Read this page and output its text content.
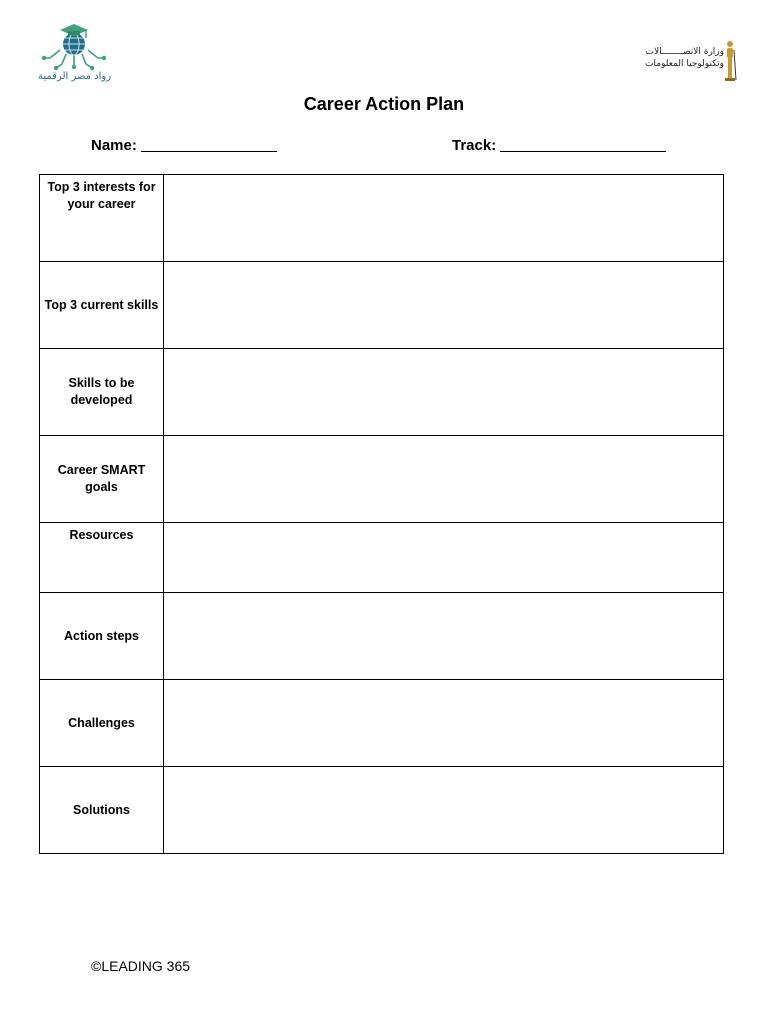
رواد مصر الرقمية
وزارة الاتصــــــــالات
وتكنولوجيا المعلومات
Career Action Plan
Name:	Track:
Top 3 interests for your career	
Top 3 current skills	
Skills to be developed	
Career SMART goals	
Resources	
Action steps	
Challenges	
Solutions	
©LEADING 365
